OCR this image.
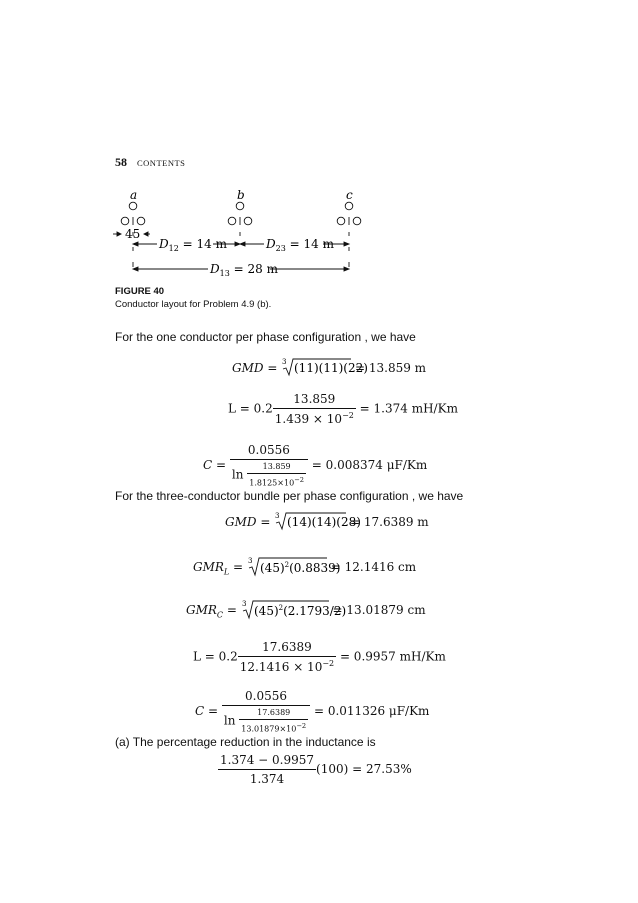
58 CONTENTS
a	b	c
45
$D_{12} = 14$ m	$D_{23} = 14$ m
$D_{13} = 28$ m
FIGURE 40
Conductor layout for Problem 4.9 (b).
For the one conductor per phase configuration , we have
GMD = 3 (11)(11)(22)
= 13.859 m
$L = 0.2 \frac{13.859}{1.439 \times 10^{-2}} = 1.374$ mH/Km
$C = \frac{0.0556}{\ln \frac{13.859}{1.8125\times 10^{-2}}} = 0.008374$ μF/Km
For the three-conductor bundle per phase configuration , we have
GMD = 3 (14)(14)(28)
= 17.6389 m
$GMR_L = 3$ $(45)^2(0.8839)$
= 12.1416 cm
$GMR_C = 3$ $(45)^2(2.1793/2)$
= 13.01879 cm
$L = 0.2 \frac{17.6389}{12.1416 \times 10^{-2}} = 0.9957$ mH/Km
$C = \frac{0.0556}{\ln \frac{17.6389}{13.01879\times 10^{-2}}} = 0.011326$ μF/Km
(a) The percentage reduction in the inductance is
$\frac{1.374 - 0.9957}{1.374} (100) = 27.53\%$
